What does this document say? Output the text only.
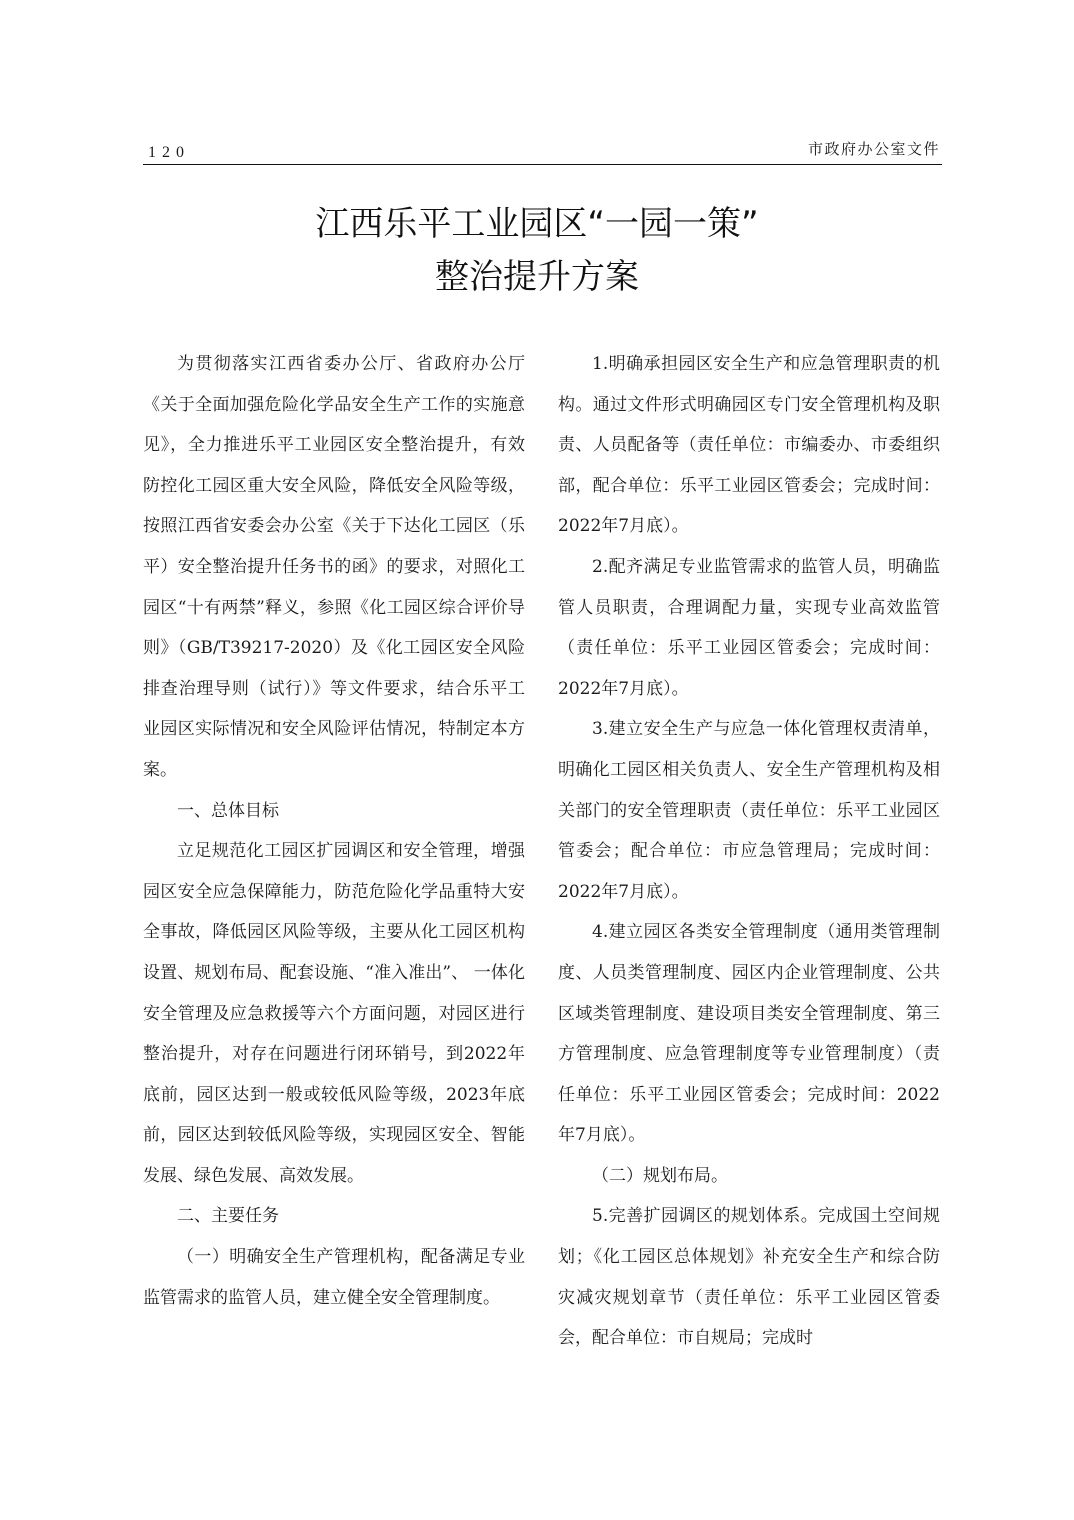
120	市政府办公室文件
江西乐平工业园区“一园一策”
整治提升方案

为贯彻落实江西省委办公厅、省政府办公厅《关于全面加强危险化学品安全生产工作的实施意见》，全力推进乐平工业园区安全整治提升，有效防控化工园区重大安全风险，降低安全风险等级，按照江西省安委会办公室《关于下达化工园区（乐平）安全整治提升任务书的函》的要求，对照化工园区“十有两禁”释义，参照《化工园区综合评价导则》（GB/T39217-2020）及《化工园区安全风险排查治理导则（试行）》等文件要求，结合乐平工业园区实际情况和安全风险评估情况，特制定本方案。

一、总体目标

立足规范化工园区扩园调区和安全管理，增强园区安全应急保障能力，防范危险化学品重特大安全事故，降低园区风险等级，主要从化工园区机构设置、规划布局、配套设施、“准入准出”、 一体化安全管理及应急救援等六个方面问题，对园区进行整治提升，对存在问题进行闭环销号，到2022年底前，园区达到一般或较低风险等级，2023年底前，园区达到较低风险等级，实现园区安全、智能发展、绿色发展、高效发展。

二、主要任务

（一）明确安全生产管理机构，配备满足专业监管需求的监管人员，建立健全安全管理制度。

1.明确承担园区安全生产和应急管理职责的机构。通过文件形式明确园区专门安全管理机构及职责、人员配备等（责任单位：市编委办、市委组织部，配合单位：乐平工业园区管委会；完成时间：2022年7月底）。

2.配齐满足专业监管需求的监管人员，明确监管人员职责，合理调配力量，实现专业高效监管（责任单位：乐平工业园区管委会；完成时间：2022年7月底）。

3.建立安全生产与应急一体化管理权责清单，明确化工园区相关负责人、安全生产管理机构及相关部门的安全管理职责（责任单位：乐平工业园区管委会；配合单位：市应急管理局；完成时间：2022年7月底）。

4.建立园区各类安全管理制度（通用类管理制度、人员类管理制度、园区内企业管理制度、公共区域类管理制度、建设项目类安全管理制度、第三方管理制度、应急管理制度等专业管理制度）（责任单位：乐平工业园区管委会；完成时间：2022年7月底）。

（二）规划布局。

5.完善扩园调区的规划体系。完成国土空间规划；《化工园区总体规划》补充安全生产和综合防灾减灾规划章节（责任单位：乐平工业园区管委会，配合单位：市自规局；完成时
